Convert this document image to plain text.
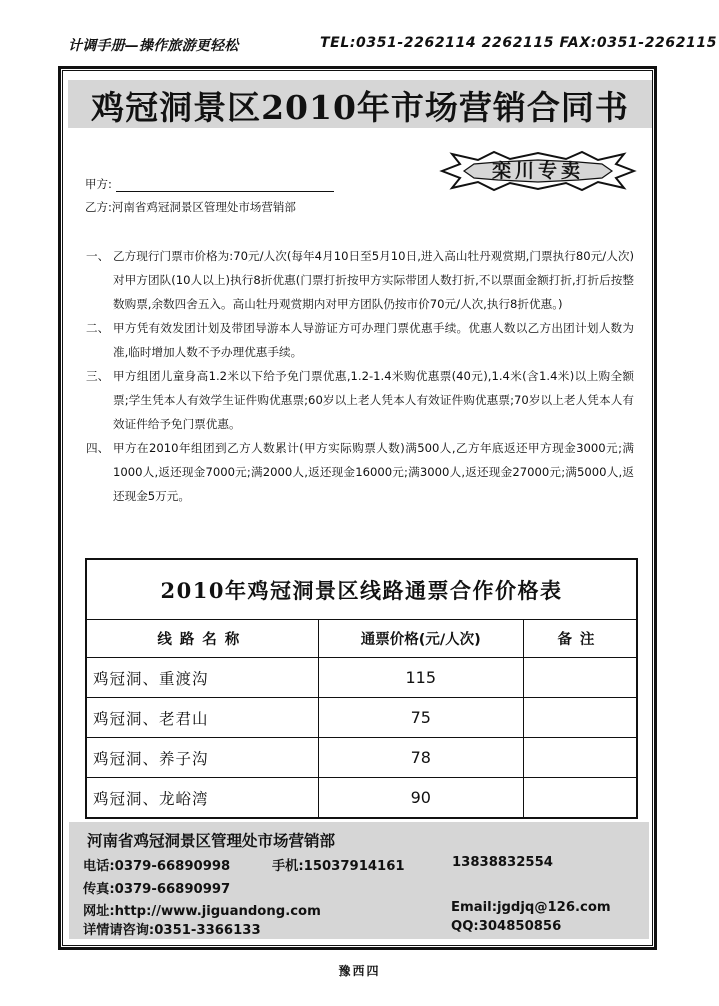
计调手册—操作旅游更轻松	TEL:0351-2262114 2262115 FAX:0351-2262115
鸡冠洞景区2010年市场营销合同书
栾川专卖
甲方:
乙方:河南省鸡冠洞景区管理处市场营销部
一、 乙方现行门票市价格为:70元/人次(每年4月10日至5月10日,进入高山牡丹观赏期,门票执行80元/人次)对甲方团队(10人以上)执行8折优惠(门票打折按甲方实际带团人数打折,不以票面金额打折,打折后按整数购票,余数四舍五入。高山牡丹观赏期内对甲方团队仍按市价70元/人次,执行8折优惠。)
二、 甲方凭有效发团计划及带团导游本人导游证方可办理门票优惠手续。优惠人数以乙方出团计划人数为准,临时增加人数不予办理优惠手续。
三、 甲方组团儿童身高1.2米以下给予免门票优惠,1.2-1.4米购优惠票(40元),1.4米(含1.4米)以上购全额票;学生凭本人有效学生证件购优惠票;60岁以上老人凭本人有效证件购优惠票;70岁以上老人凭本人有效证件给予免门票优惠。
四、 甲方在2010年组团到乙方人数累计(甲方实际购票人数)满500人,乙方年底返还甲方现金3000元;满1000人,返还现金7000元;满2000人,返还现金16000元;满3000人,返还现金27000元;满5000人,返还现金5万元。
2010年鸡冠洞景区线路通票合作价格表		
线路名称	通票价格(元/人次)	备注
鸡冠洞、重渡沟	115	
鸡冠洞、老君山	75	
鸡冠洞、养子沟	78	
鸡冠洞、龙峪湾	90	
河南省鸡冠洞景区管理处市场营销部
电话:0379-66890998	手机:15037914161	13838832554
传真:0379-66890997
网址:http://www.jiguandong.com	Email:jgdjq@126.com
详情请咨询:0351-3366133	QQ:304850856
豫西四
